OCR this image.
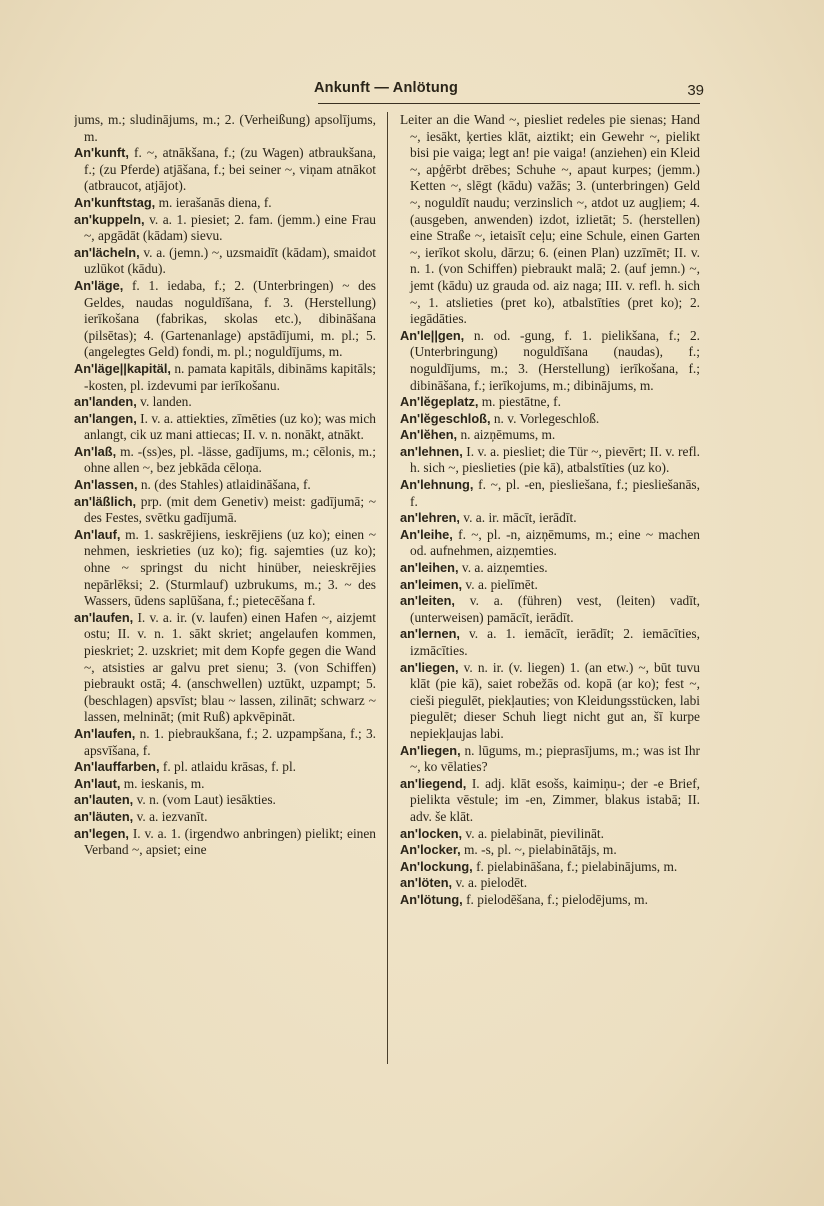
Ankunft — Anlötung	39
jums, m.; sludinājums, m.; 2. (Verheißung) apsolījums, m.
An'kunft, f. ~, atnākšana, f.; (zu Wagen) atbraukšana, f.; (zu Pferde) atjāšana, f.; bei seiner ~, viņam atnākot (atbraucot, atjājot).
An'kunftstag, m. ierašanās diena, f.
an'kuppeln, v. a. 1. piesiet; 2. fam. (jemm.) eine Frau ~, apgādāt (kādam) sievu.
an'lächeln, v. a. (jemn.) ~, uzsmaidīt (kādam), smaidot uzlūkot (kādu).
An'läge, f. 1. iedaba, f.; 2. (Unterbringen) ~ des Geldes, naudas noguldīšana, f. 3. (Herstellung) ierīkošana (fabrikas, skolas etc.), dibināšana (pilsētas); 4. (Gartenanlage) apstādījumi, m. pl.; 5. (angelegtes Geld) fondi, m. pl.; noguldījums, m.
An'läge||kapitäl, n. pamata kapitāls, dibināms kapitāls; -kosten, pl. izdevumi par ierīkošanu.
an'landen, v. landen.
an'langen, I. v. a. attiekties, zīmēties (uz ko); was mich anlangt, cik uz mani attiecas; II. v. n. nonākt, atnākt.
An'laß, m. -(ss)es, pl. -lässe, gadījums, m.; cēlonis, m.; ohne allen ~, bez jebkāda cēloņa.
An'lassen, n. (des Stahles) atlaidināšana, f.
an'läßlich, prp. (mit dem Genetiv) meist: gadījumā; ~ des Festes, svētku gadījumā.
An'lauf, m. 1. saskrējiens, ieskrējiens (uz ko); einen ~ nehmen, ieskrieties (uz ko); fig. sajemties (uz ko); ohne ~ springst du nicht hinüber, neieskrējies nepārlēksi; 2. (Sturmlauf) uzbrukums, m.; 3. ~ des Wassers, ūdens saplūšana, f.; pietecēšana f.
an'laufen, I. v. a. ir. (v. laufen) einen Hafen ~, aizjemt ostu; II. v. n. 1. sākt skriet; angelaufen kommen, pieskriet; 2. uzskriet; mit dem Kopfe gegen die Wand ~, atsisties ar galvu pret sienu; 3. (von Schiffen) piebraukt ostā; 4. (anschwellen) uztūkt, uzpampt; 5. (beschlagen) apsvīst; blau ~ lassen, zilināt; schwarz ~ lassen, melnināt; (mit Ruß) apkvēpināt.
An'laufen, n. 1. piebraukšana, f.; 2. uzpampšana, f.; 3. apsvīšana, f.
An'lauffarben, f. pl. atlaidu krāsas, f. pl.
An'laut, m. ieskanis, m.
an'lauten, v. n. (vom Laut) iesākties.
an'läuten, v. a. iezvanīt.
an'legen, I. v. a. 1. (irgendwo anbringen) pielikt; einen Verband ~, apsiet; eine
Leiter an die Wand ~, piesliet redeles pie sienas; Hand ~, iesākt, ķerties klāt, aiztikt; ein Gewehr ~, pielikt bisi pie vaiga; legt an! pie vaiga! (anziehen) ein Kleid ~, apģērbt drēbes; Schuhe ~, apaut kurpes; (jemm.) Ketten ~, slēgt (kādu) važās; 3. (unterbringen) Geld ~, noguldīt naudu; verzinslich ~, atdot uz augļiem; 4. (ausgeben, anwenden) izdot, izlietāt; 5. (herstellen) eine Straße ~, ietaisīt ceļu; eine Schule, einen Garten ~, ierīkot skolu, dārzu; 6. (einen Plan) uzzīmēt; II. v. n. 1. (von Schiffen) piebraukt malā; 2. (auf jemn.) ~, jemt (kādu) uz grauda od. aiz naga; III. v. refl. h. sich ~, 1. atslieties (pret ko), atbalstīties (pret ko); 2. iegādāties.
An'le||gen, n. od. -gung, f. 1. pielikšana, f.; 2. (Unterbringung) noguldīšana (naudas), f.; noguldījums, m.; 3. (Herstellung) ierīkošana, f.; dibināšana, f.; ierīkojums, m.; dibinājums, m.
An'lĕgeplatz, m. piestātne, f.
An'lĕgeschloß, n. v. Vorlegeschloß.
An'lĕhen, n. aizņēmums, m.
an'lehnen, I. v. a. piesliet; die Tür ~, pievērt; II. v. refl. h. sich ~, pieslieties (pie kā), atbalstīties (uz ko).
An'lehnung, f. ~, pl. -en, piesliešana, f.; piesliešanās, f.
an'lehren, v. a. ir. mācīt, ierādīt.
An'leihe, f. ~, pl. -n, aizņēmums, m.; eine ~ machen od. aufnehmen, aizņemties.
an'leihen, v. a. aizņemties.
an'leimen, v. a. pielīmēt.
an'leiten, v. a. (führen) vest, (leiten) vadīt, (unterweisen) pamācīt, ierādīt.
an'lernen, v. a. 1. iemācīt, ierādīt; 2. iemācīties, izmācīties.
an'liegen, v. n. ir. (v. liegen) 1. (an etw.) ~, būt tuvu klāt (pie kā), saiet robežās od. kopā (ar ko); fest ~, cieši piegulēt, piekļauties; von Kleidungsstücken, labi piegulēt; dieser Schuh liegt nicht gut an, šī kurpe nepiekļaujas labi.
An'liegen, n. lūgums, m.; pieprasījums, m.; was ist Ihr ~, ko vēlaties?
an'liegend, I. adj. klāt esošs, kaimiņu-; der -e Brief, pielikta vēstule; im -en, Zimmer, blakus istabā; II. adv. še klāt.
an'locken, v. a. pielabināt, pievilināt.
An'locker, m. -s, pl. ~, pielabinātājs, m.
An'lockung, f. pielabināšana, f.; pielabinājums, m.
an'löten, v. a. pielodēt.
An'lötung, f. pielodēšana, f.; pielodējums, m.
